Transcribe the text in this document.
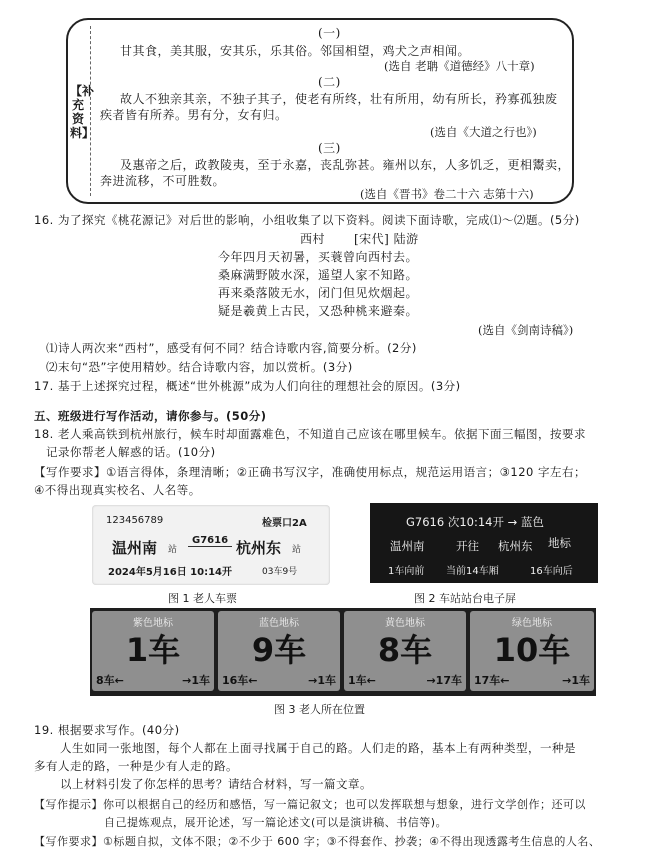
【补充资料】
(一)
甘其食，美其服，安其乐，乐其俗。邻国相望，鸡犬之声相闻。
(选自 老聃《道德经》八十章)
(二)
故人不独亲其亲，不独子其子，使老有所终，壮有所用，幼有所长，矜寡孤独废
疾者皆有所养。男有分，女有归。
(选自《大道之行也》)
(三)
及惠帝之后，政教陵夷，至于永嘉，丧乱弥甚。雍州以东，人多饥乏，更相鬻卖，
奔进流移，不可胜数。
(选自《晋书》卷二十六 志第十六)
16. 为了探究《桃花源记》对后世的影响，小组收集了以下资料。阅读下面诗歌，完成⑴～⑵题。(5分)
西村 [宋代] 陆游
今年四月天初暑，买蓑曾向西村去。
桑麻满野陂水深，遥望人家不知路。
再来桑落陂无水，闭门但见炊烟起。
疑是羲黄上古民，又恐种桃来避秦。
(选自《剑南诗稿》)
⑴诗人两次来“西村”，感受有何不同？结合诗歌内容,简要分析。(2分)
⑵末句“恐”字使用精妙。结合诗歌内容，加以赏析。(3分)
17. 基于上述探究过程，概述“世外桃源”成为人们向往的理想社会的原因。(3分)
五、班级进行写作活动，请你参与。(50分)
18. 老人乘高铁到杭州旅行，候车时却面露难色，不知道自己应该在哪里候车。依据下面三幅图，按要求
记录你帮老人解惑的话。(10分)
【写作要求】①语言得体，条理清晰；②正确书写汉字，准确使用标点，规范运用语言；③120 字左右；
④不得出现真实校名、人名等。
123456789	检票口2A
温州南 站
G7616 杭州东 站
2024年5月16日 10:14开	03车9号
G7616 次10:14开 → 蓝色
温州南	开往 杭州东 地标
1车向前 当前14车厢	16车向后
图 1 老人车票	图 2 车站站台电子屏
紫色地标
1车
8车←	→1车
蓝色地标
9车
16车←	→1车
黄色地标
8车
1车←	→17车
绿色地标
10车
17车←	→1车
图 3 老人所在位置
19. 根据要求写作。(40分)
人生如同一张地图，每个人都在上面寻找属于自己的路。人们走的路，基本上有两种类型，一种是
多有人走的路，一种是少有人走的路。
以上材料引发了你怎样的思考？请结合材料，写一篇文章。
【写作提示】你可以根据自己的经历和感悟，写一篇记叙文；也可以发挥联想与想象，进行文学创作；还可以
自己提炼观点，展开论述，写一篇论述文(可以是演讲稿、书信等)。
【写作要求】①标题自拟，文体不限；②不少于 600 字；③不得套作、抄袭；④不得出现透露考生信息的人名、
